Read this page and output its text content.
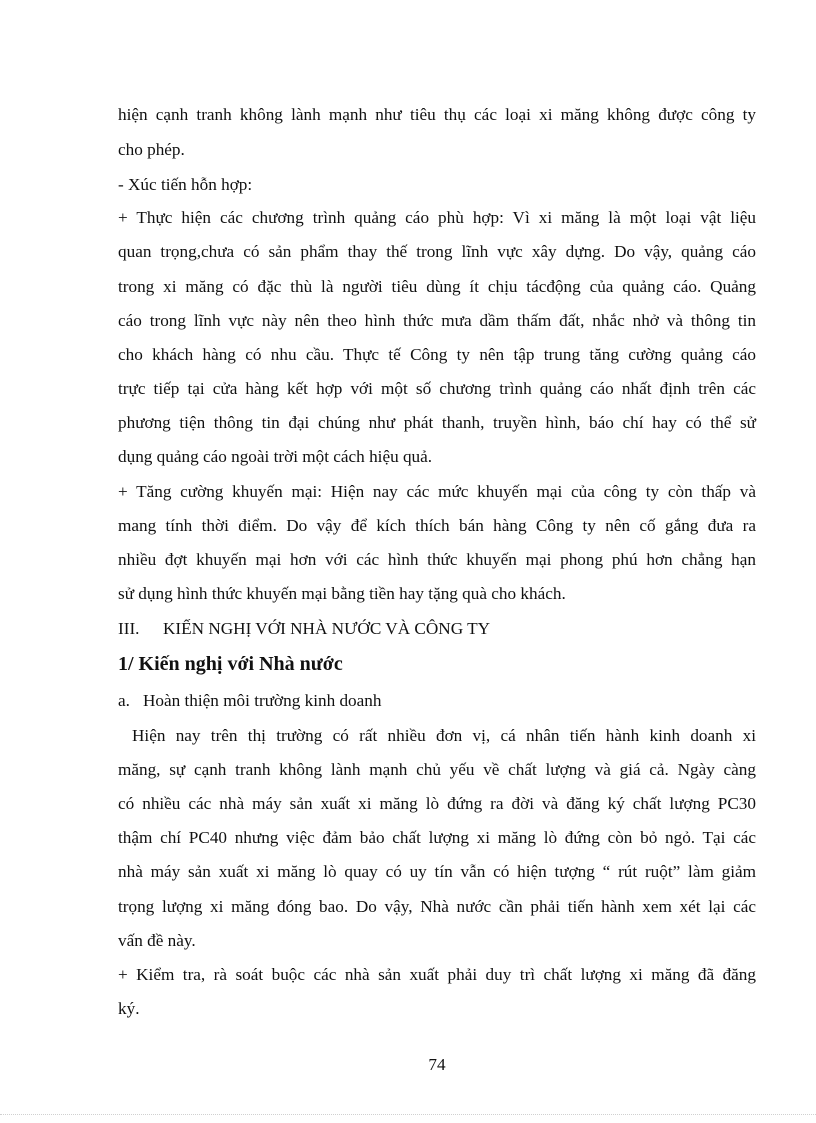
hiện cạnh tranh không lành mạnh như tiêu thụ các loại xi măng không được công ty
cho phép.
- Xúc tiến hỗn hợp:
+ Thực hiện các chương trình quảng cáo phù hợp: Vì xi măng là một loại vật liệu
quan trọng,chưa có sản phẩm thay thế trong lĩnh vực xây dựng. Do vậy, quảng cáo
trong xi măng có đặc thù là người tiêu dùng ít chịu tácđộng của quảng cáo. Quảng
cáo trong lĩnh vực này nên theo hình thức mưa dầm thấm đất, nhắc nhở và thông tin
cho khách hàng có nhu cầu. Thực tế Công ty nên tập trung tăng cường quảng cáo
trực tiếp tại cửa hàng kết hợp với một số chương trình quảng cáo nhất định trên các
phương tiện thông tin đại chúng như phát thanh, truyền hình, báo chí hay có thể sử
dụng quảng cáo ngoài trời một cách hiệu quả.
+ Tăng cường khuyến mại: Hiện nay các mức khuyến mại của công ty còn thấp và
mang tính thời điểm. Do vậy để kích thích bán hàng Công ty nên cố gắng đưa ra
nhiều đợt khuyến mại hơn với các hình thức khuyến mại phong phú hơn chẳng hạn
sử dụng hình thức khuyến mại bằng tiền hay tặng quà cho khách.
III. KIẾN NGHỊ VỚI NHÀ NƯỚC VÀ CÔNG TY
1/ Kiến nghị với Nhà nước
a. Hoàn thiện môi trường kinh doanh
Hiện nay trên thị trường có rất nhiều đơn vị, cá nhân tiến hành kinh doanh xi
măng, sự cạnh tranh không lành mạnh chủ yếu về chất lượng và giá cả. Ngày càng
có nhiều các nhà máy sản xuất xi măng lò đứng ra đời và đăng ký chất lượng PC30
thậm chí PC40 nhưng việc đảm bảo chất lượng xi măng lò đứng còn bỏ ngỏ. Tại các
nhà máy sản xuất xi măng lò quay có uy tín vẫn có hiện tượng “ rút ruột” làm giảm
trọng lượng xi măng đóng bao. Do vậy, Nhà nước cần phải tiến hành xem xét lại các
vấn đề này.
+ Kiểm tra, rà soát buộc các nhà sản xuất phải duy trì chất lượng xi măng đã đăng
ký.
74
